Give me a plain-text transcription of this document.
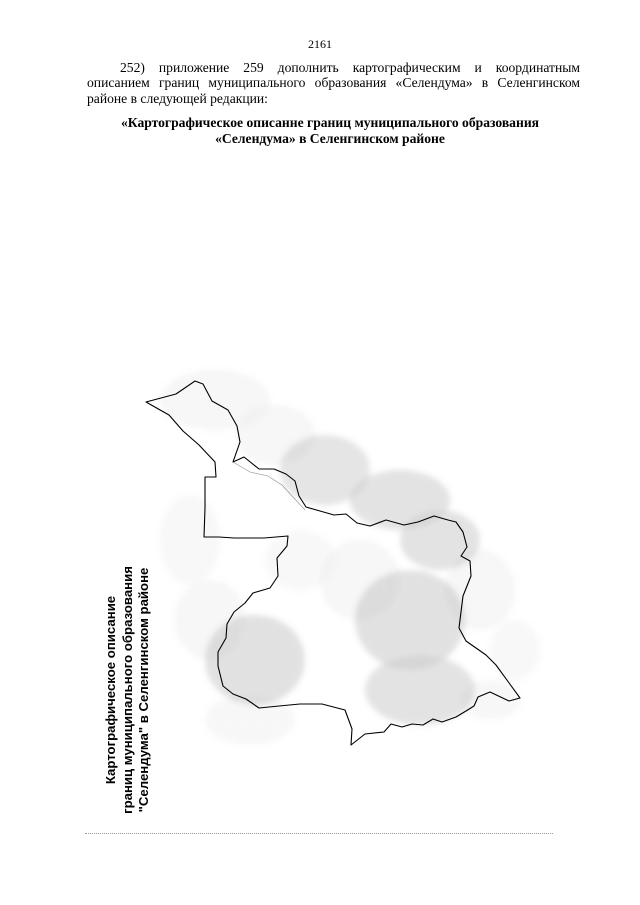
2161

252) приложение 259 дополнить картографическим и координатным описанием границ муниципального образования «Селендума» в Селенгинском районе в следующей редакции:

«Картографическое описанне границ муниципального образования
«Селендума» в Селенгинском районе
Картографическое описание границ муниципального образования "Селендума" в Селенгинском районе
